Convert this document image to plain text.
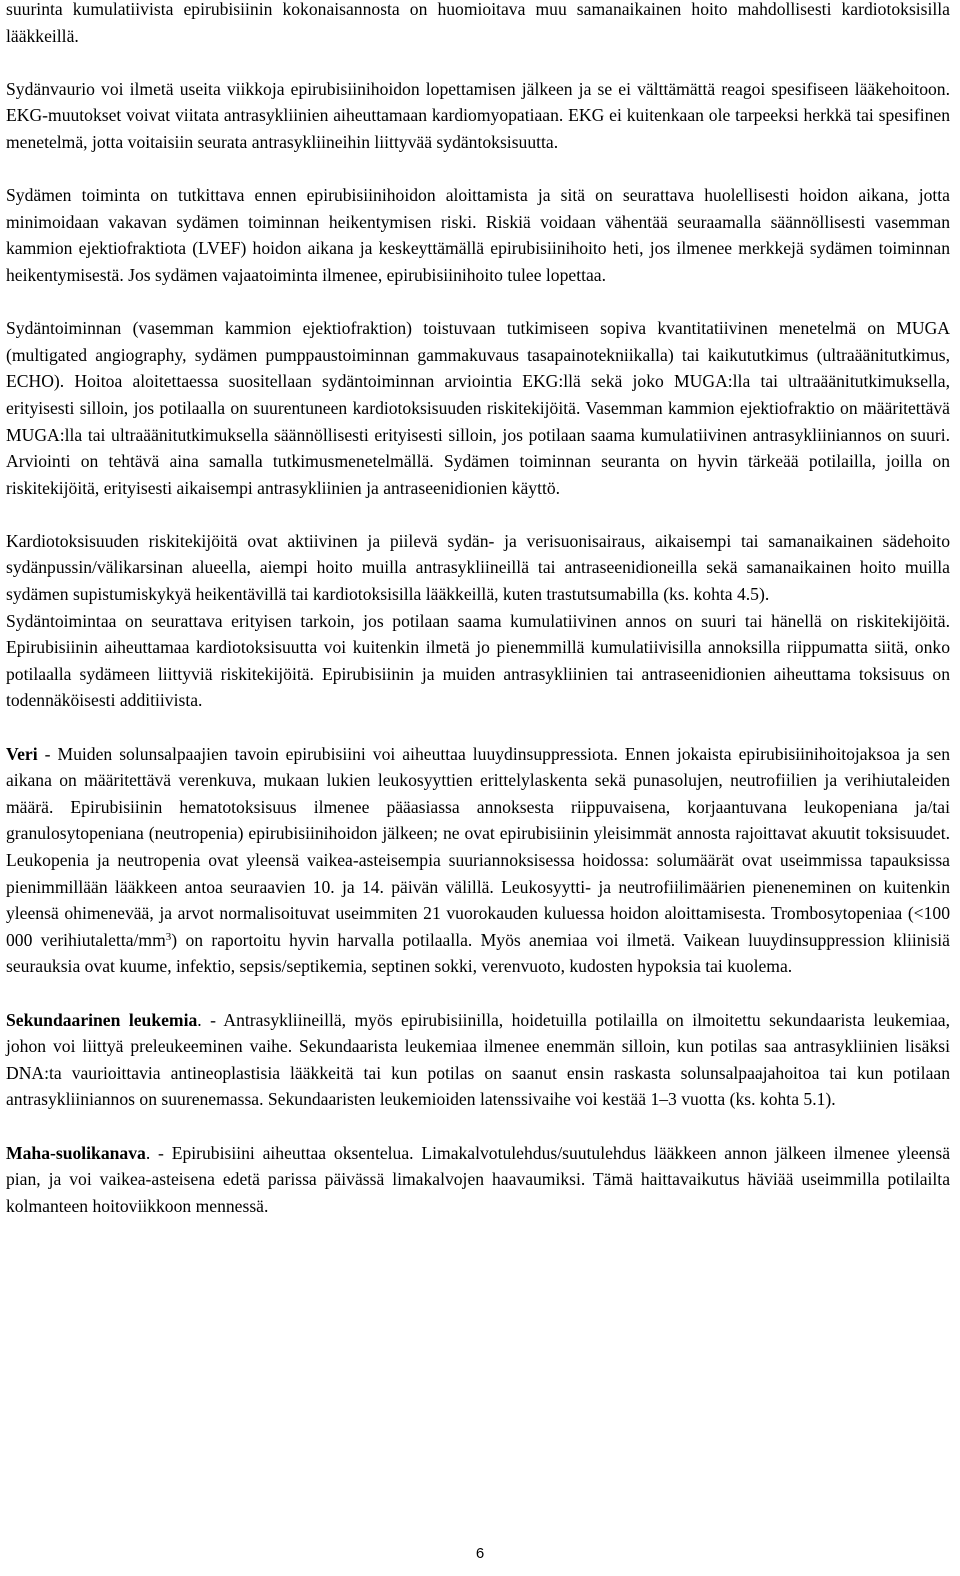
suurinta kumulatiivista epirubisiinin kokonaisannosta on huomioitava muu samanaikainen hoito mahdollisesti kardiotoksisilla lääkkeillä.

Sydänvaurio voi ilmetä useita viikkoja epirubisiinihoidon lopettamisen jälkeen ja se ei välttämättä reagoi spesifiseen lääkehoitoon. EKG-muutokset voivat viitata antrasykliinien aiheuttamaan kardiomyopatiaan. EKG ei kuitenkaan ole tarpeeksi herkkä tai spesifinen menetelmä, jotta voitaisiin seurata antrasykliineihin liittyvää sydäntoksisuutta.

Sydämen toiminta on tutkittava ennen epirubisiinihoidon aloittamista ja sitä on seurattava huolellisesti hoidon aikana, jotta minimoidaan vakavan sydämen toiminnan heikentymisen riski. Riskiä voidaan vähentää seuraamalla säännöllisesti vasemman kammion ejektiofraktiota (LVEF) hoidon aikana ja keskeyttämällä epirubisiinihoito heti, jos ilmenee merkkejä sydämen toiminnan heikentymisestä. Jos sydämen vajaatoiminta ilmenee, epirubisiinihoito tulee lopettaa.

Sydäntoiminnan (vasemman kammion ejektiofraktion) toistuvaan tutkimiseen sopiva kvantitatiivinen menetelmä on MUGA (multigated angiography, sydämen pumppaustoiminnan gammakuvaus tasapainotekniikalla) tai kaikututkimus (ultraäänitutkimus, ECHO). Hoitoa aloitettaessa suositellaan sydäntoiminnan arviointia EKG:llä sekä joko MUGA:lla tai ultraäänitutkimuksella, erityisesti silloin, jos potilaalla on suurentuneen kardiotoksisuuden riskitekijöitä. Vasemman kammion ejektiofraktio on määritettävä MUGA:lla tai ultraäänitutkimuksella säännöllisesti erityisesti silloin, jos potilaan saama kumulatiivinen antrasykliiniannos on suuri. Arviointi on tehtävä aina samalla tutkimusmenetelmällä. Sydämen toiminnan seuranta on hyvin tärkeää potilailla, joilla on riskitekijöitä, erityisesti aikaisempi antrasykliinien ja antraseenidionien käyttö.

Kardiotoksisuuden riskitekijöitä ovat aktiivinen ja piilevä sydän- ja verisuonisairaus, aikaisempi tai samanaikainen sädehoito sydänpussin/välikarsinan alueella, aiempi hoito muilla antrasykliineillä tai antraseenidioneilla sekä samanaikainen hoito muilla sydämen supistumiskykyä heikentävillä tai kardiotoksisilla lääkkeillä, kuten trastutsumabilla (ks. kohta 4.5).

Sydäntoimintaa on seurattava erityisen tarkoin, jos potilaan saama kumulatiivinen annos on suuri tai hänellä on riskitekijöitä. Epirubisiinin aiheuttamaa kardiotoksisuutta voi kuitenkin ilmetä jo pienemmillä kumulatiivisilla annoksilla riippumatta siitä, onko potilaalla sydämeen liittyviä riskitekijöitä. Epirubisiinin ja muiden antrasykliinien tai antraseenidionien aiheuttama toksisuus on todennäköisesti additiivista.

Veri - Muiden solunsalpaajien tavoin epirubisiini voi aiheuttaa luuydinsuppressiota. Ennen jokaista epirubisiinihoitojaksoa ja sen aikana on määritettävä verenkuva, mukaan lukien leukosyyttien erittelylaskenta sekä punasolujen, neutrofiilien ja verihiutaleiden määrä. Epirubisiinin hematotoksisuus ilmenee pääasiassa annoksesta riippuvaisena, korjaantuvana leukopeniana ja/tai granulosytopeniana (neutropenia) epirubisiinihoidon jälkeen; ne ovat epirubisiinin yleisimmät annosta rajoittavat akuutit toksisuudet. Leukopenia ja neutropenia ovat yleensä vaikea-asteisempia suuriannoksisessa hoidossa: solumäärät ovat useimmissa tapauksissa pienimmillään lääkkeen antoa seuraavien 10. ja 14. päivän välillä. Leukosyytti- ja neutrofiilimäärien pieneneminen on kuitenkin yleensä ohimenevää, ja arvot normalisoituvat useimmiten 21 vuorokauden kuluessa hoidon aloittamisesta. Trombosytopeniaa (<100 000 verihiutaletta/$mm^3$) on raportoitu hyvin harvalla potilaalla. Myös anemiaa voi ilmetä. Vaikean luuydinsuppression kliinisiä seurauksia ovat kuume, infektio, sepsis/septikemia, septinen sokki, verenvuoto, kudosten hypoksia tai kuolema.

Sekundaarinen leukemia. - Antrasykliineillä, myös epirubisiinilla, hoidetuilla potilailla on ilmoitettu sekundaarista leukemiaa, johon voi liittyä preleukeeminen vaihe. Sekundaarista leukemiaa ilmenee enemmän silloin, kun potilas saa antrasykliinien lisäksi DNA:ta vaurioittavia antineoplastisia lääkkeitä tai kun potilas on saanut ensin raskasta solunsalpaajahoitoa tai kun potilaan antrasykliiniannos on suurenemassa. Sekundaaristen leukemioiden latenssivaihe voi kestää 1–3 vuotta (ks. kohta 5.1).

Maha-suolikanava. - Epirubisiini aiheuttaa oksentelua. Limakalvotulehdus/suutulehdus lääkkeen annon jälkeen ilmenee yleensä pian, ja voi vaikea-asteisena edetä parissa päivässä limakalvojen haavaumiksi. Tämä haittavaikutus häviää useimmilla potilailta kolmanteen hoitoviikkoon mennessä.

6
